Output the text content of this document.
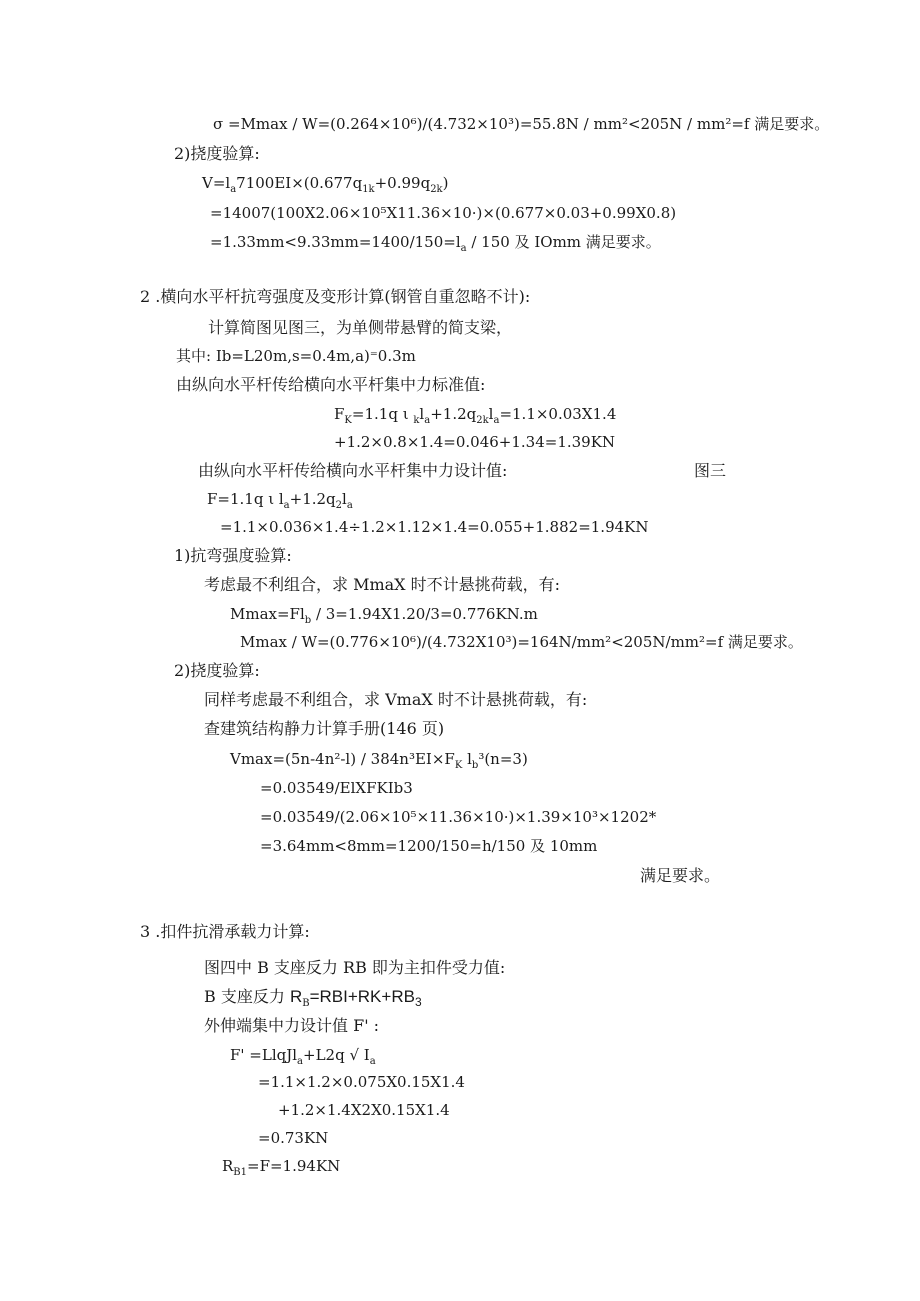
σ =Mmax / W=(0.264×10⁶)/(4.732×10³)=55.8N / mm²<205N / mm²=f 满足要求。
2)挠度验算:
$V=l_a7100EI\times(0.677q_{1k}+0.99q_{2k})$
=14007(100X2.06×10⁵X11.36×10·)×(0.677×0.03+0.99X0.8)
$=1.33mm<9.33mm=1400/150=l_a / 150$ 及 IOmm 满足要求。
2 .横向水平杆抗弯强度及变形计算(钢管自重忽略不计):
计算简图见图三，为单侧带悬臂的简支梁，
其中: Ib=L20m,s=0.4m,a)⁼0.3m
由纵向水平杆传给横向水平杆集中力标准值:
$F_K=1.1q$ ι $_kl_a+1.2q_{2k}l_a=1.1\times 0.03X1.4$
+1.2×0.8×1.4=0.046+1.34=1.39KN
由纵向水平杆传给横向水平杆集中力设计值:	图三
F=1.1q ι $l_a+1.2q_2l_a$
=1.1×0.036×1.4÷1.2×1.12×1.4=0.055+1.882=1.94KN
1)抗弯强度验算:
考虑最不利组合，求 MmaX 时不计悬挑荷载，有:
$Mmax=Fl_b / 3=1.94X1.20/3=0.776KN.m$
Mmax / W=(0.776×10⁶)/(4.732X10³)=164N/mm²<205N/mm²=f 满足要求。
2)挠度验算:
同样考虑最不利组合，求 VmaX 时不计悬挑荷载，有:
查建筑结构静力计算手册(146 页)
$Vmax=(5n-4n^2-l) / 384n^3EI\times F_K$ $l_b^3(n=3)$
=0.03549/ElXFKIb3
=0.03549/(2.06×10⁵×11.36×10·)×1.39×10³×1202*
=3.64mm<8mm=1200/150=h/150 及 10mm
满足要求。
3 .扣件抗滑承载力计算:
图四中 B 支座反力 RB 即为主扣件受力值:
B 支座反力 $R_B=RBI+RK+RB_3$
外伸端集中力设计值 F' :
F' =LlqJl$_a$+L2q √ $I_a$
=1.1×1.2×0.075X0.15X1.4
+1.2×1.4X2X0.15X1.4
=0.73KN
$R_{B1}=F=1.94KN$
